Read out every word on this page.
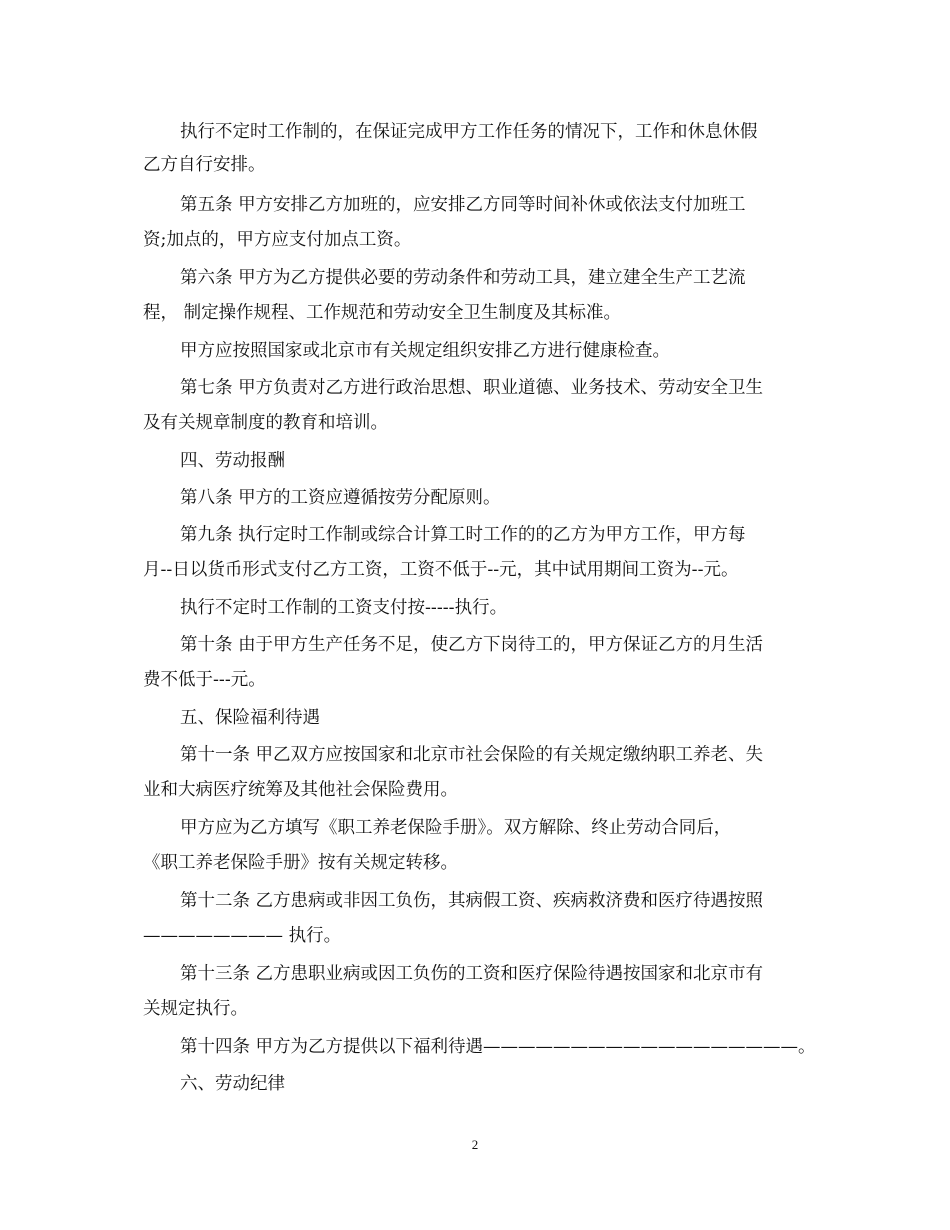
执行不定时工作制的，在保证完成甲方工作任务的情况下，工作和休息休假
乙方自行安排。
第五条 甲方安排乙方加班的，应安排乙方同等时间补休或依法支付加班工
资;加点的，甲方应支付加点工资。
第六条 甲方为乙方提供必要的劳动条件和劳动工具，建立建全生产工艺流
程， 制定操作规程、工作规范和劳动安全卫生制度及其标准。
甲方应按照国家或北京市有关规定组织安排乙方进行健康检查。
第七条 甲方负责对乙方进行政治思想、职业道德、业务技术、劳动安全卫生
及有关规章制度的教育和培训。
四、劳动报酬
第八条 甲方的工资应遵循按劳分配原则。
第九条 执行定时工作制或综合计算工时工作的的乙方为甲方工作，甲方每
月--日以货币形式支付乙方工资，工资不低于--元，其中试用期间工资为--元。
执行不定时工作制的工资支付按-----执行。
第十条 由于甲方生产任务不足，使乙方下岗待工的，甲方保证乙方的月生活
费不低于---元。
五、保险福利待遇
第十一条 甲乙双方应按国家和北京市社会保险的有关规定缴纳职工养老、失
业和大病医疗统筹及其他社会保险费用。
甲方应为乙方填写《职工养老保险手册》。双方解除、终止劳动合同后，
《职工养老保险手册》按有关规定转移。
第十二条 乙方患病或非因工负伤，其病假工资、疾病救济费和医疗待遇按照
———————— 执行。
第十三条 乙方患职业病或因工负伤的工资和医疗保险待遇按国家和北京市有
关规定执行。
第十四条 甲方为乙方提供以下福利待遇——————————————————。
六、劳动纪律
2
